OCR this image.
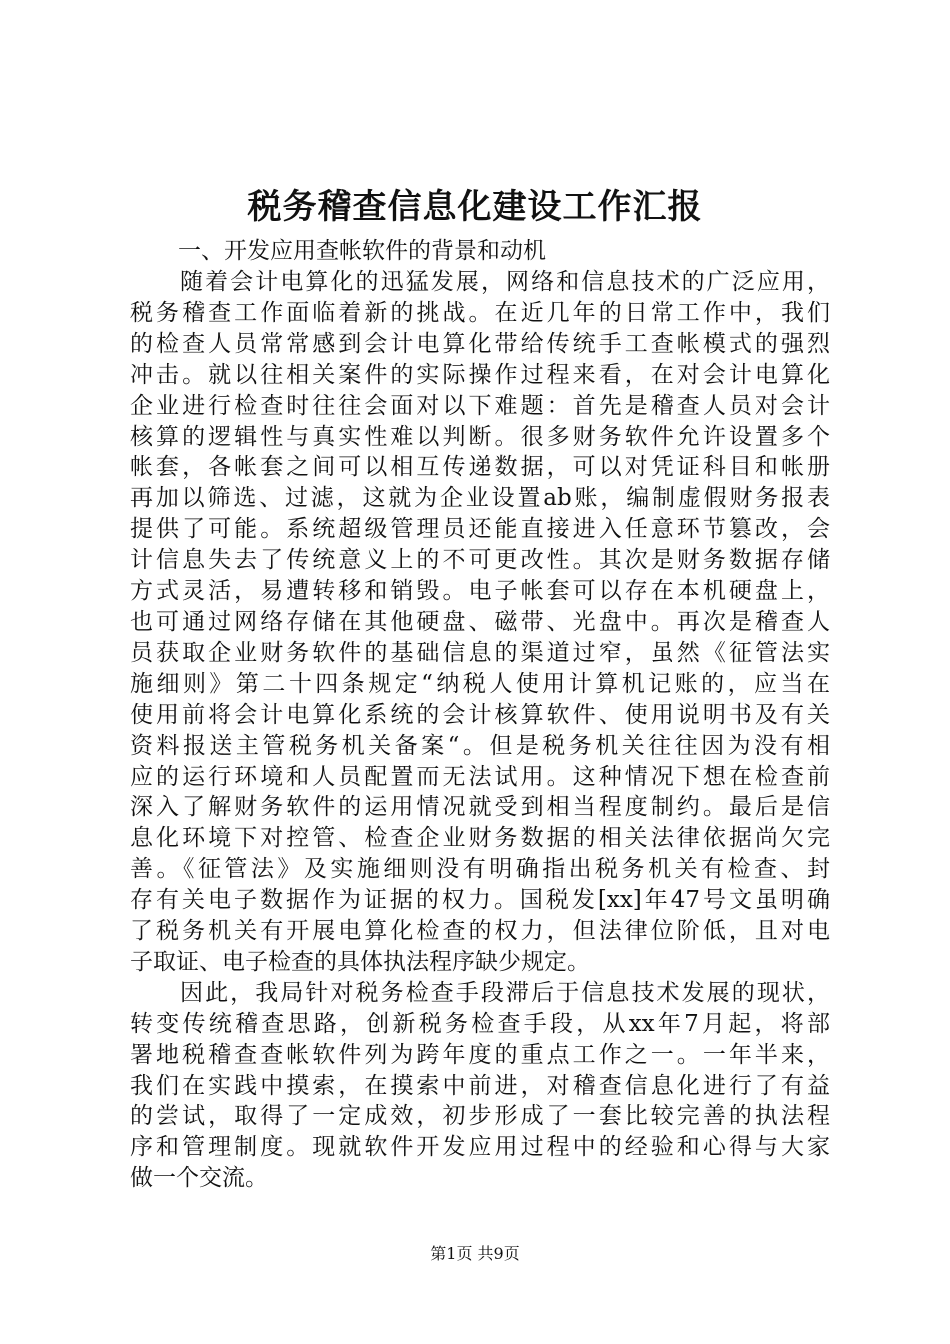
税务稽查信息化建设工作汇报

一、开发应用查帐软件的背景和动机

随着会计电算化的迅猛发展，网络和信息技术的广泛应用，
税务稽查工作面临着新的挑战。在近几年的日常工作中，我们
的检查人员常常感到会计电算化带给传统手工查帐模式的强烈
冲击。就以往相关案件的实际操作过程来看，在对会计电算化
企业进行检查时往往会面对以下难题：首先是稽查人员对会计
核算的逻辑性与真实性难以判断。很多财务软件允许设置多个
帐套，各帐套之间可以相互传递数据，可以对凭证科目和帐册
再加以筛选、过滤，这就为企业设置ab账，编制虚假财务报表
提供了可能。系统超级管理员还能直接进入任意环节篡改，会
计信息失去了传统意义上的不可更改性。其次是财务数据存储
方式灵活，易遭转移和销毁。电子帐套可以存在本机硬盘上，
也可通过网络存储在其他硬盘、磁带、光盘中。再次是稽查人
员获取企业财务软件的基础信息的渠道过窄，虽然《征管法实
施细则》第二十四条规定“纳税人使用计算机记账的，应当在
使用前将会计电算化系统的会计核算软件、使用说明书及有关
资料报送主管税务机关备案“。但是税务机关往往因为没有相
应的运行环境和人员配置而无法试用。这种情况下想在检查前
深入了解财务软件的运用情况就受到相当程度制约。最后是信
息化环境下对控管、检查企业财务数据的相关法律依据尚欠完
善。《征管法》及实施细则没有明确指出税务机关有检查、封
存有关电子数据作为证据的权力。国税发[xx]年47号文虽明确
了税务机关有开展电算化检查的权力，但法律位阶低，且对电
子取证、电子检查的具体执法程序缺少规定。
因此，我局针对税务检查手段滞后于信息技术发展的现状，
转变传统稽查思路，创新税务检查手段，从xx年7月起，将部
署地税稽查查帐软件列为跨年度的重点工作之一。一年半来，
我们在实践中摸索，在摸索中前进，对稽查信息化进行了有益
的尝试，取得了一定成效，初步形成了一套比较完善的执法程
序和管理制度。现就软件开发应用过程中的经验和心得与大家
做一个交流。
第1页 共9页
